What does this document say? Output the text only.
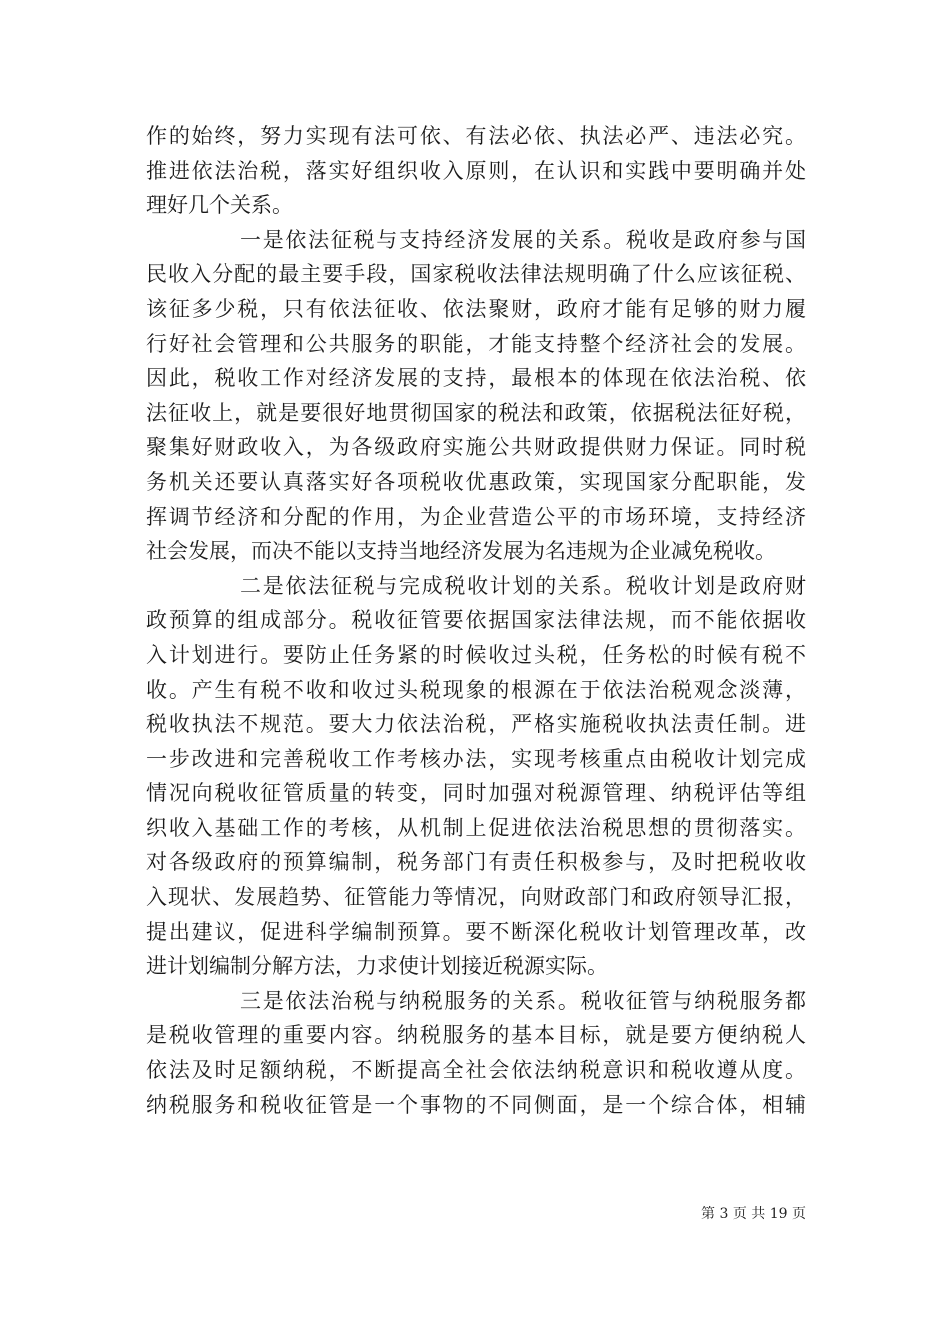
作的始终，努力实现有法可依、有法必依、执法必严、违法必究。
推进依法治税，落实好组织收入原则，在认识和实践中要明确并处
理好几个关系。
一是依法征税与支持经济发展的关系。税收是政府参与国
民收入分配的最主要手段，国家税收法律法规明确了什么应该征税、
该征多少税，只有依法征收、依法聚财，政府才能有足够的财力履
行好社会管理和公共服务的职能，才能支持整个经济社会的发展。
因此，税收工作对经济发展的支持，最根本的体现在依法治税、依
法征收上，就是要很好地贯彻国家的税法和政策，依据税法征好税，
聚集好财政收入，为各级政府实施公共财政提供财力保证。同时税
务机关还要认真落实好各项税收优惠政策，实现国家分配职能，发
挥调节经济和分配的作用，为企业营造公平的市场环境，支持经济
社会发展，而决不能以支持当地经济发展为名违规为企业减免税收。
二是依法征税与完成税收计划的关系。税收计划是政府财
政预算的组成部分。税收征管要依据国家法律法规，而不能依据收
入计划进行。要防止任务紧的时候收过头税，任务松的时候有税不
收。产生有税不收和收过头税现象的根源在于依法治税观念淡薄，
税收执法不规范。要大力依法治税，严格实施税收执法责任制。进
一步改进和完善税收工作考核办法，实现考核重点由税收计划完成
情况向税收征管质量的转变，同时加强对税源管理、纳税评估等组
织收入基础工作的考核，从机制上促进依法治税思想的贯彻落实。
对各级政府的预算编制，税务部门有责任积极参与，及时把税收收
入现状、发展趋势、征管能力等情况，向财政部门和政府领导汇报，
提出建议，促进科学编制预算。要不断深化税收计划管理改革，改
进计划编制分解方法，力求使计划接近税源实际。
三是依法治税与纳税服务的关系。税收征管与纳税服务都
是税收管理的重要内容。纳税服务的基本目标，就是要方便纳税人
依法及时足额纳税，不断提高全社会依法纳税意识和税收遵从度。
纳税服务和税收征管是一个事物的不同侧面，是一个综合体，相辅
第 3 页 共 19 页
